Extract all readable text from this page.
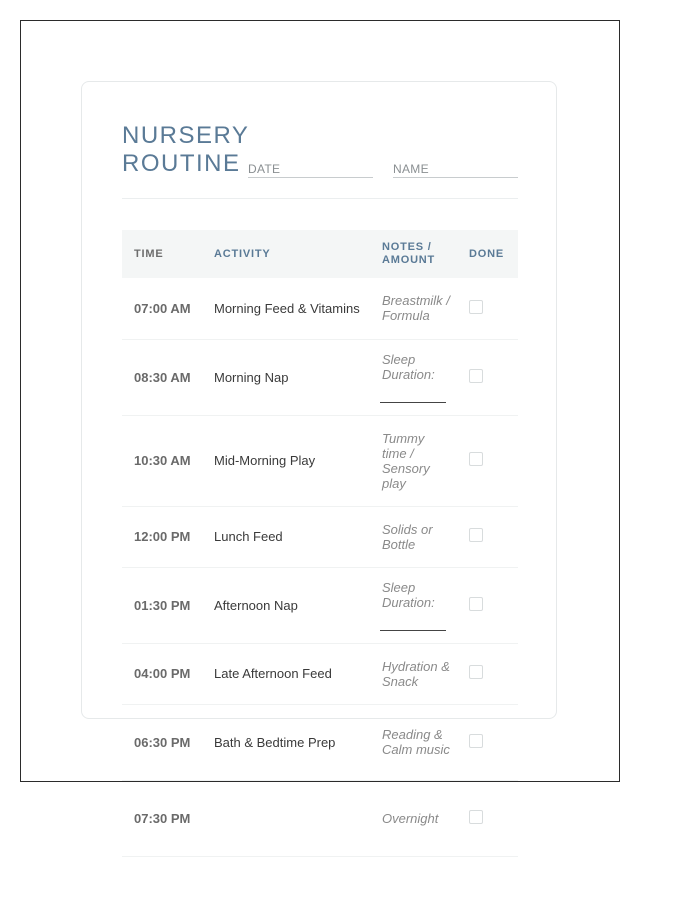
NURSERY ROUTINE DATE	NAME
TIME	ACTIVITY	NOTES / AMOUNT	DONE
07:00 AM	Morning Feed & Vitamins	Breastmilk / Formula	
08:30 AM	Morning Nap	Sleep Duration:

10:30 AM	Mid-Morning Play	Tummy time / Sensory play	
12:00 PM	Lunch Feed	Solids or Bottle	
01:30 PM	Afternoon Nap	Sleep Duration:

04:00 PM	Late Afternoon Feed	Hydration & Snack	
06:30 PM	Bath & Bedtime Prep	Reading & Calm music	
07:30 PM		Overnight	
